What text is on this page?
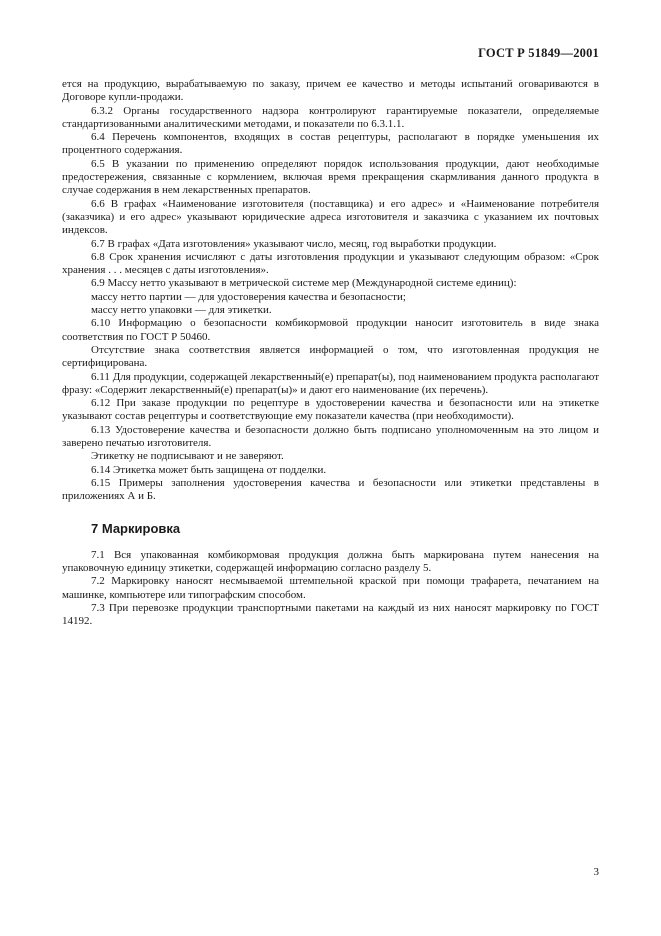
ГОСТ Р 51849—2001

ется на продукцию, вырабатываемую по заказу, причем ее качество и методы испытаний оговариваются в Договоре купли-продажи.

6.3.2 Органы государственного надзора контролируют гарантируемые показатели, определяемые стандартизованными аналитическими методами, и показатели по 6.3.1.1.

6.4 Перечень компонентов, входящих в состав рецептуры, располагают в порядке уменьшения их процентного содержания.

6.5 В указании по применению определяют порядок использования продукции, дают необходимые предостережения, связанные с кормлением, включая время прекращения скармливания данного продукта в случае содержания в нем лекарственных препаратов.

6.6 В графах «Наименование изготовителя (поставщика) и его адрес» и «Наименование потребителя (заказчика) и его адрес» указывают юридические адреса изготовителя и заказчика с указанием их почтовых индексов.

6.7 В графах «Дата изготовления» указывают число, месяц, год выработки продукции.

6.8 Срок хранения исчисляют с даты изготовления продукции и указывают следующим образом: «Срок хранения . . . месяцев с даты изготовления».

6.9 Массу нетто указывают в метрической системе мер (Международной системе единиц):

массу нетто партии — для удостоверения качества и безопасности;

массу нетто упаковки — для этикетки.

6.10 Информацию о безопасности комбикормовой продукции наносит изготовитель в виде знака соответствия по ГОСТ Р 50460.

Отсутствие знака соответствия является информацией о том, что изготовленная продукция не сертифицирована.

6.11 Для продукции, содержащей лекарственный(е) препарат(ы), под наименованием продукта располагают фразу: «Содержит лекарственный(е) препарат(ы)» и дают его наименование (их перечень).

6.12 При заказе продукции по рецептуре в удостоверении качества и безопасности или на этикетке указывают состав рецептуры и соответствующие ему показатели качества (при необходимости).

6.13 Удостоверение качества и безопасности должно быть подписано уполномоченным на это лицом и заверено печатью изготовителя.

Этикетку не подписывают и не заверяют.

6.14 Этикетка может быть защищена от подделки.

6.15 Примеры заполнения удостоверения качества и безопасности или этикетки представлены в приложениях А и Б.

7 Маркировка

7.1 Вся упакованная комбикормовая продукция должна быть маркирована путем нанесения на упаковочную единицу этикетки, содержащей информацию согласно разделу 5.

7.2 Маркировку наносят несмываемой штемпельной краской при помощи трафарета, печатанием на машинке, компьютере или типографским способом.

7.3 При перевозке продукции транспортными пакетами на каждый из них наносят маркировку по ГОСТ 14192.

3
